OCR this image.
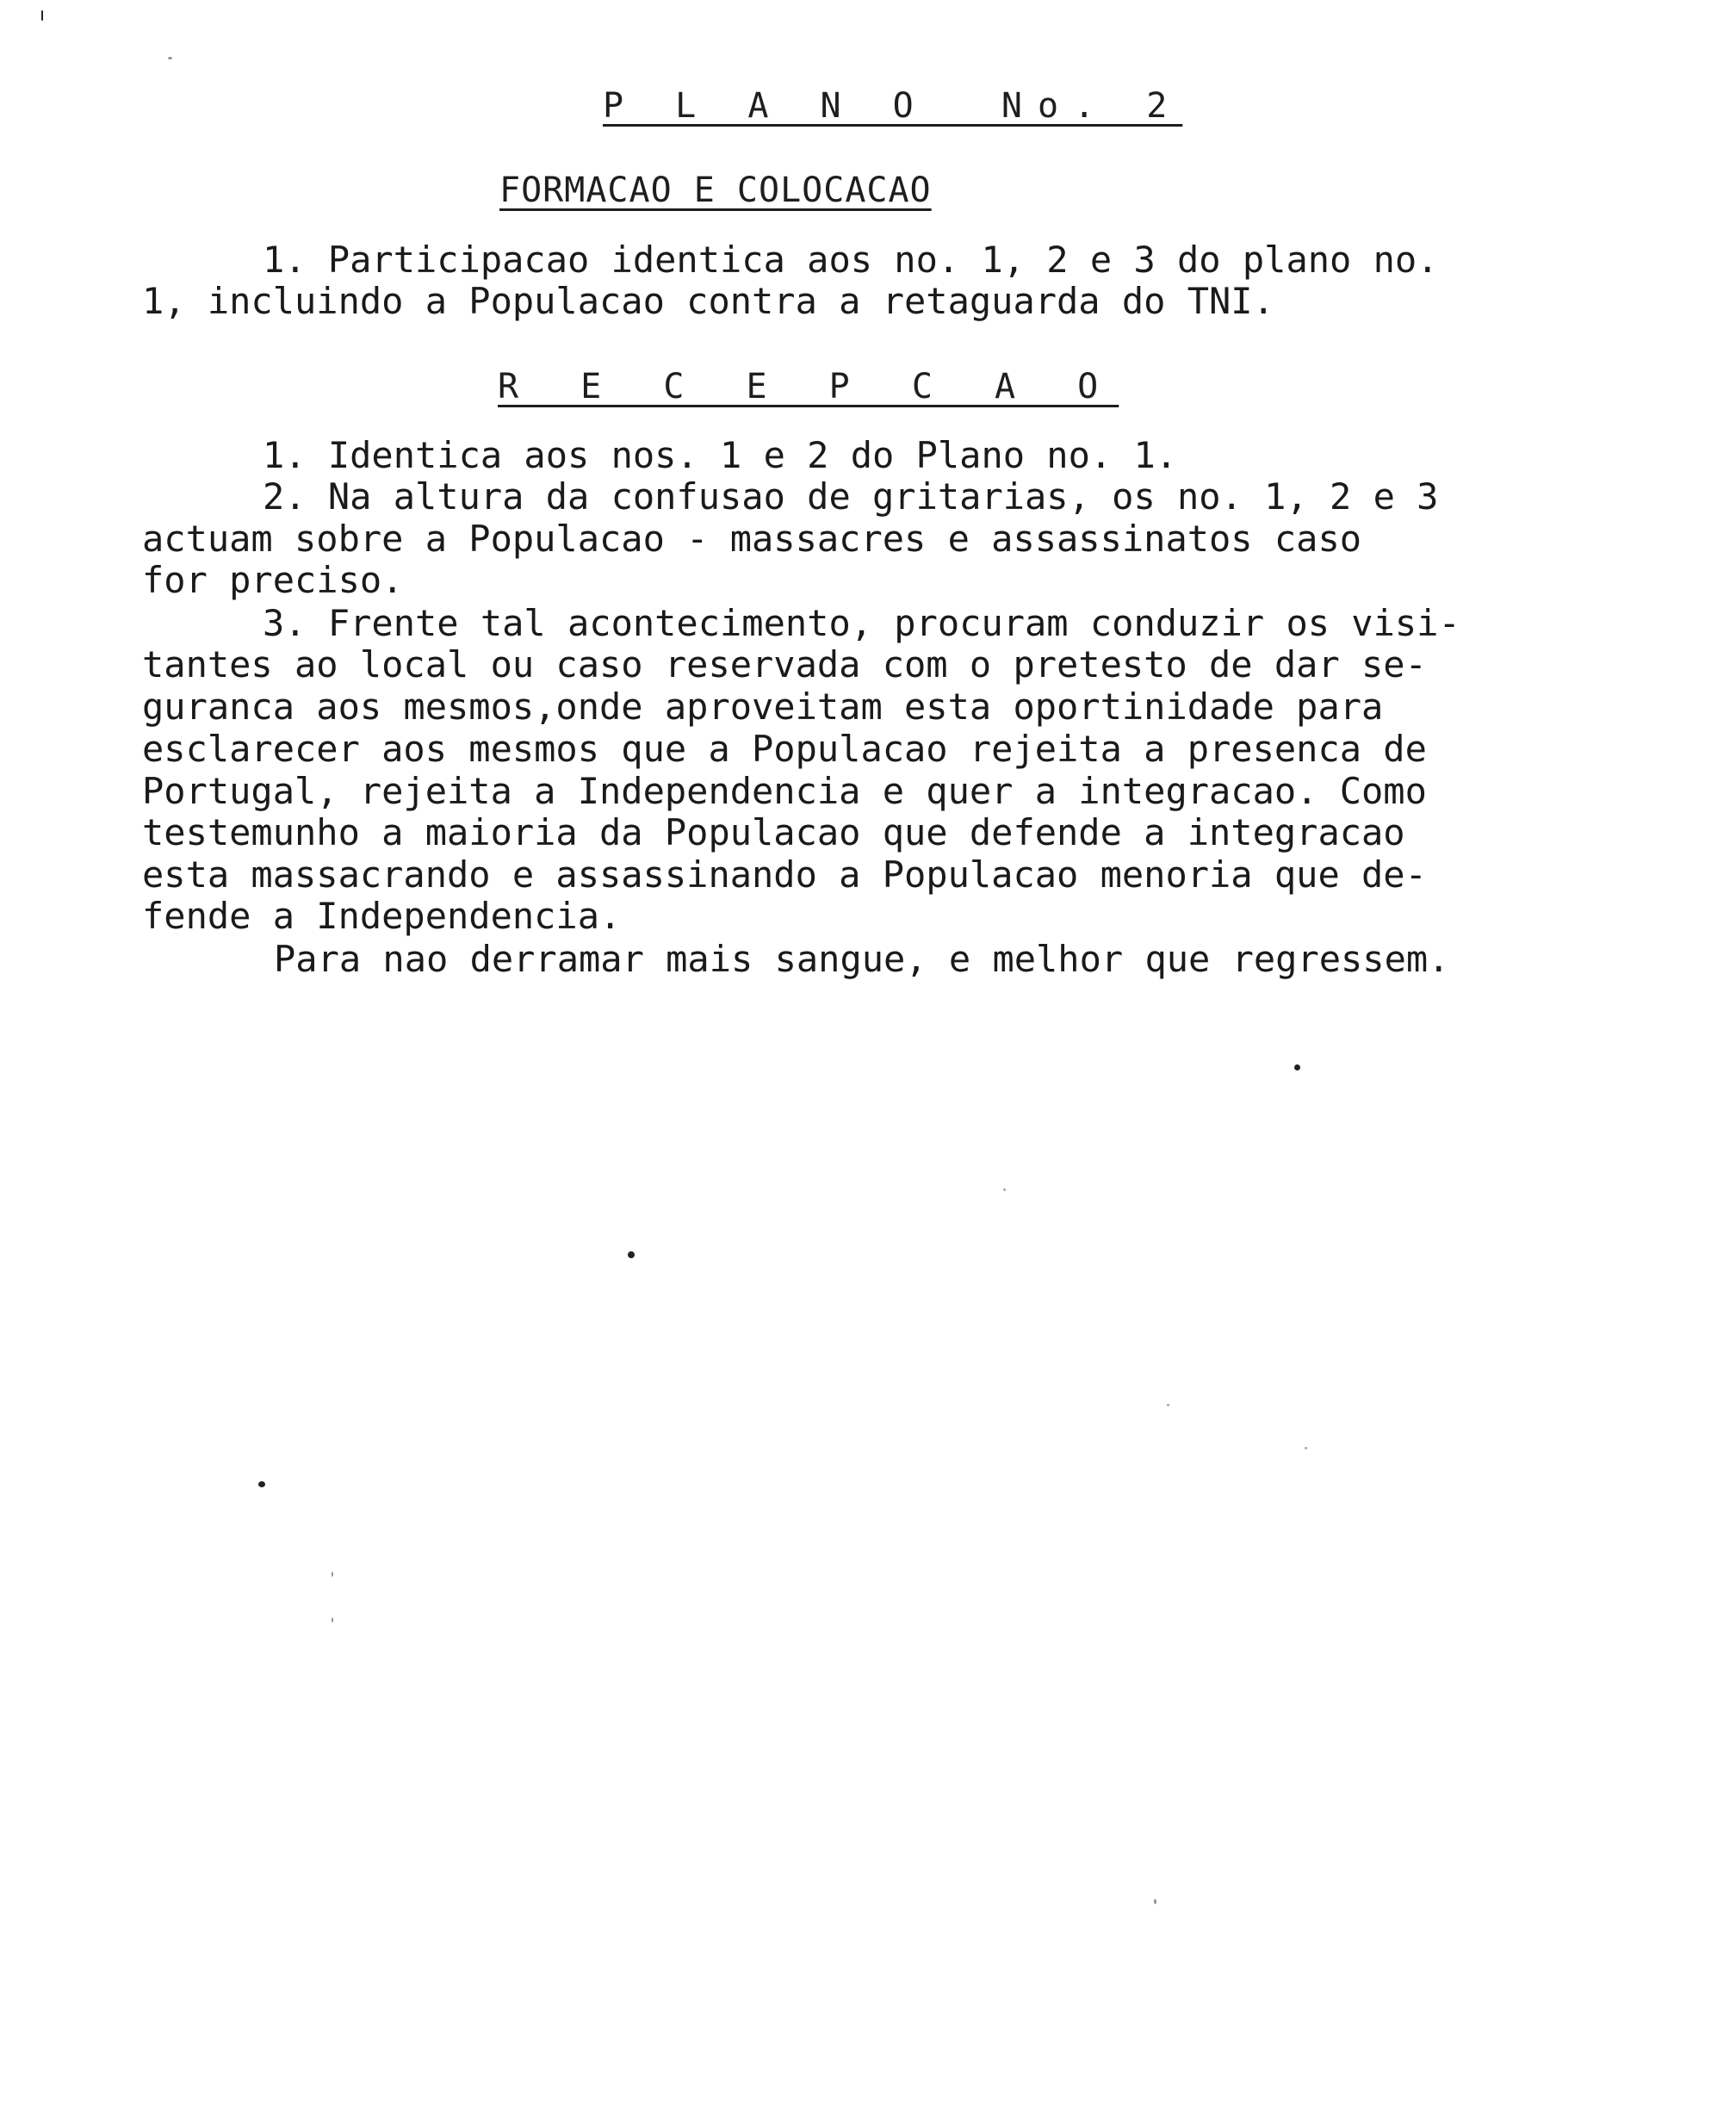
P L A N O  No. 2
FORMACAO E COLOCACAO
1. Participacao identica aos no. 1, 2 e 3 do plano no.
1, incluindo a Populacao contra a retaguarda do TNI.
R E C E P C A O
1. Identica aos nos. 1 e 2 do Plano no. 1.
2. Na altura da confusao de gritarias, os no. 1, 2 e 3
actuam sobre a Populacao - massacres e assassinatos caso
for preciso.
3. Frente tal acontecimento, procuram conduzir os visi-
tantes ao local ou caso reservada com o pretesto de dar se-
guranca aos mesmos,onde aproveitam esta oportinidade para
esclarecer aos mesmos que a Populacao rejeita a presenca de
Portugal, rejeita a Independencia e quer a integracao. Como
testemunho a maioria da Populacao que defende a integracao
esta massacrando e assassinando a Populacao menoria que de-
fende a Independencia.
Para nao derramar mais sangue, e melhor que regressem.
